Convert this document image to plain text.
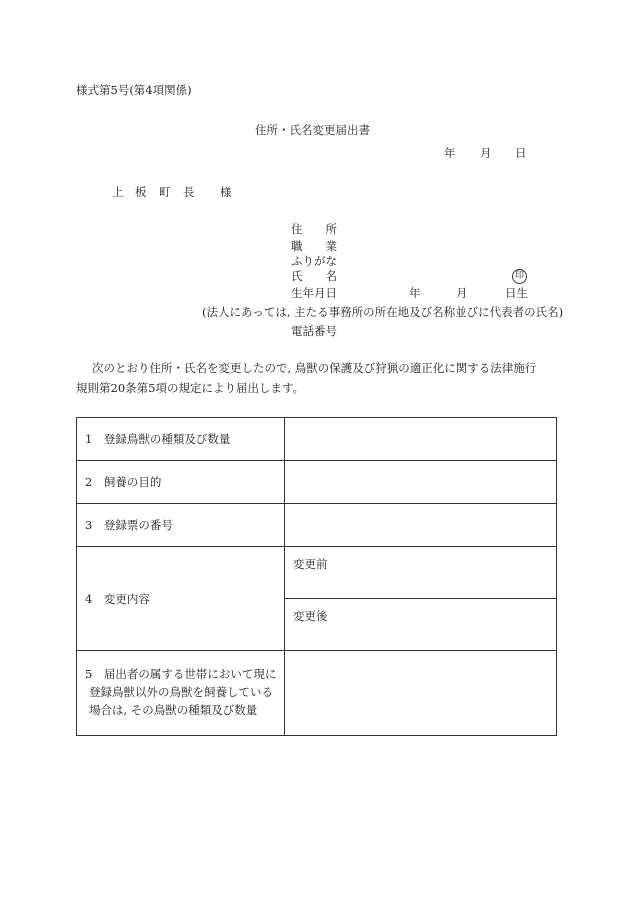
様式第5号(第4項関係)
住所・氏名変更届出書
年 月 日
上 板 町 長 様
住　　所
職　　業
ふりがな
氏　　名	印
生年月日	年	月	日生
(法人にあっては, 主たる事務所の所在地及び名称並びに代表者の氏名)
電話番号
次のとおり住所・氏名を変更したので, 鳥獣の保護及び狩猟の適正化に関する法律施行
規則第20条第5項の規定により届出します。
1　登録鳥獣の種類及び数量	
2　飼養の目的	
3　登録票の番号	
4　変更内容	変更前
	変更後

5　届出者の属する世帯において現に
登録鳥獣以外の鳥獣を飼養している
場合は, その鳥獣の種類及び数量	
